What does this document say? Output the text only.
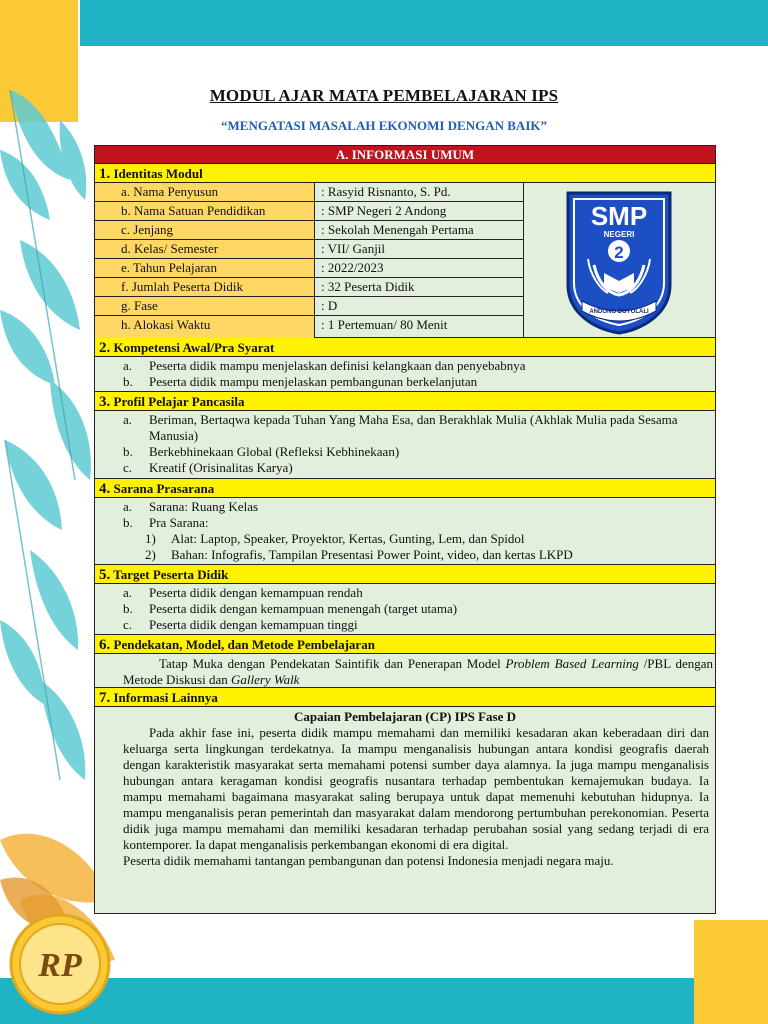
RP
MODUL AJAR MATA PEMBELAJARAN IPS
“MENGATASI MASALAH EKONOMI DENGAN BAIK”
A. INFORMASI UMUM
1. Identitas Modul
a. Nama Penyusun	: Rasyid Risnanto, S. Pd.
b. Nama Satuan Pendidikan	: SMP Negeri 2 Andong
c. Jenjang	: Sekolah Menengah Pertama
d. Kelas/ Semester	: VII/ Ganjil
e. Tahun Pelajaran	: 2022/2023
f. Jumlah Peserta Didik	: 32 Peserta Didik
g. Fase	: D
h. Alokasi Waktu	: 1 Pertemuan/ 80 Menit
SMP
NEGERI
2
ANDONG BOYOLALI
2. Kompetensi Awal/Pra Syarat
a. Peserta didik mampu menjelaskan definisi kelangkaan dan penyebabnya
b. Peserta didik mampu menjelaskan pembangunan berkelanjutan
3. Profil Pelajar Pancasila
a. Beriman, Bertaqwa kepada Tuhan Yang Maha Esa, dan Berakhlak Mulia (Akhlak Mulia pada Sesama Manusia)
b. Berkebhinekaan Global (Refleksi Kebhinekaan)
c. Kreatif (Orisinalitas Karya)
4. Sarana Prasarana
a. Sarana: Ruang Kelas
b. Pra Sarana:
1) Alat: Laptop, Speaker, Proyektor, Kertas, Gunting, Lem, dan Spidol
2) Bahan: Infografis, Tampilan Presentasi Power Point, video, dan kertas LKPD
5. Target Peserta Didik
a. Peserta didik dengan kemampuan rendah
b. Peserta didik dengan kemampuan menengah (target utama)
c. Peserta didik dengan kemampuan tinggi
6. Pendekatan, Model, dan Metode Pembelajaran
Tatap Muka dengan Pendekatan Saintifik dan Penerapan Model Problem Based Learning /PBL dengan Metode Diskusi dan Gallery Walk
7. Informasi Lainnya
Capaian Pembelajaran (CP) IPS Fase D
Pada akhir fase ini, peserta didik mampu memahami dan memiliki kesadaran akan keberadaan diri dan keluarga serta lingkungan terdekatnya. Ia mampu menganalisis hubungan antara kondisi geografis daerah dengan karakteristik masyarakat serta memahami potensi sumber daya alamnya. Ia juga mampu menganalisis hubungan antara keragaman kondisi geografis nusantara terhadap pembentukan kemajemukan budaya. Ia mampu memahami bagaimana masyarakat saling berupaya untuk dapat memenuhi kebutuhan hidupnya. Ia mampu menganalisis peran pemerintah dan masyarakat dalam mendorong pertumbuhan perekonomian. Peserta didik juga mampu memahami dan memiliki kesadaran terhadap perubahan sosial yang sedang terjadi di era kontemporer. Ia dapat menganalisis perkembangan ekonomi di era digital.
Peserta didik memahami tantangan pembangunan dan potensi Indonesia menjadi negara maju.
